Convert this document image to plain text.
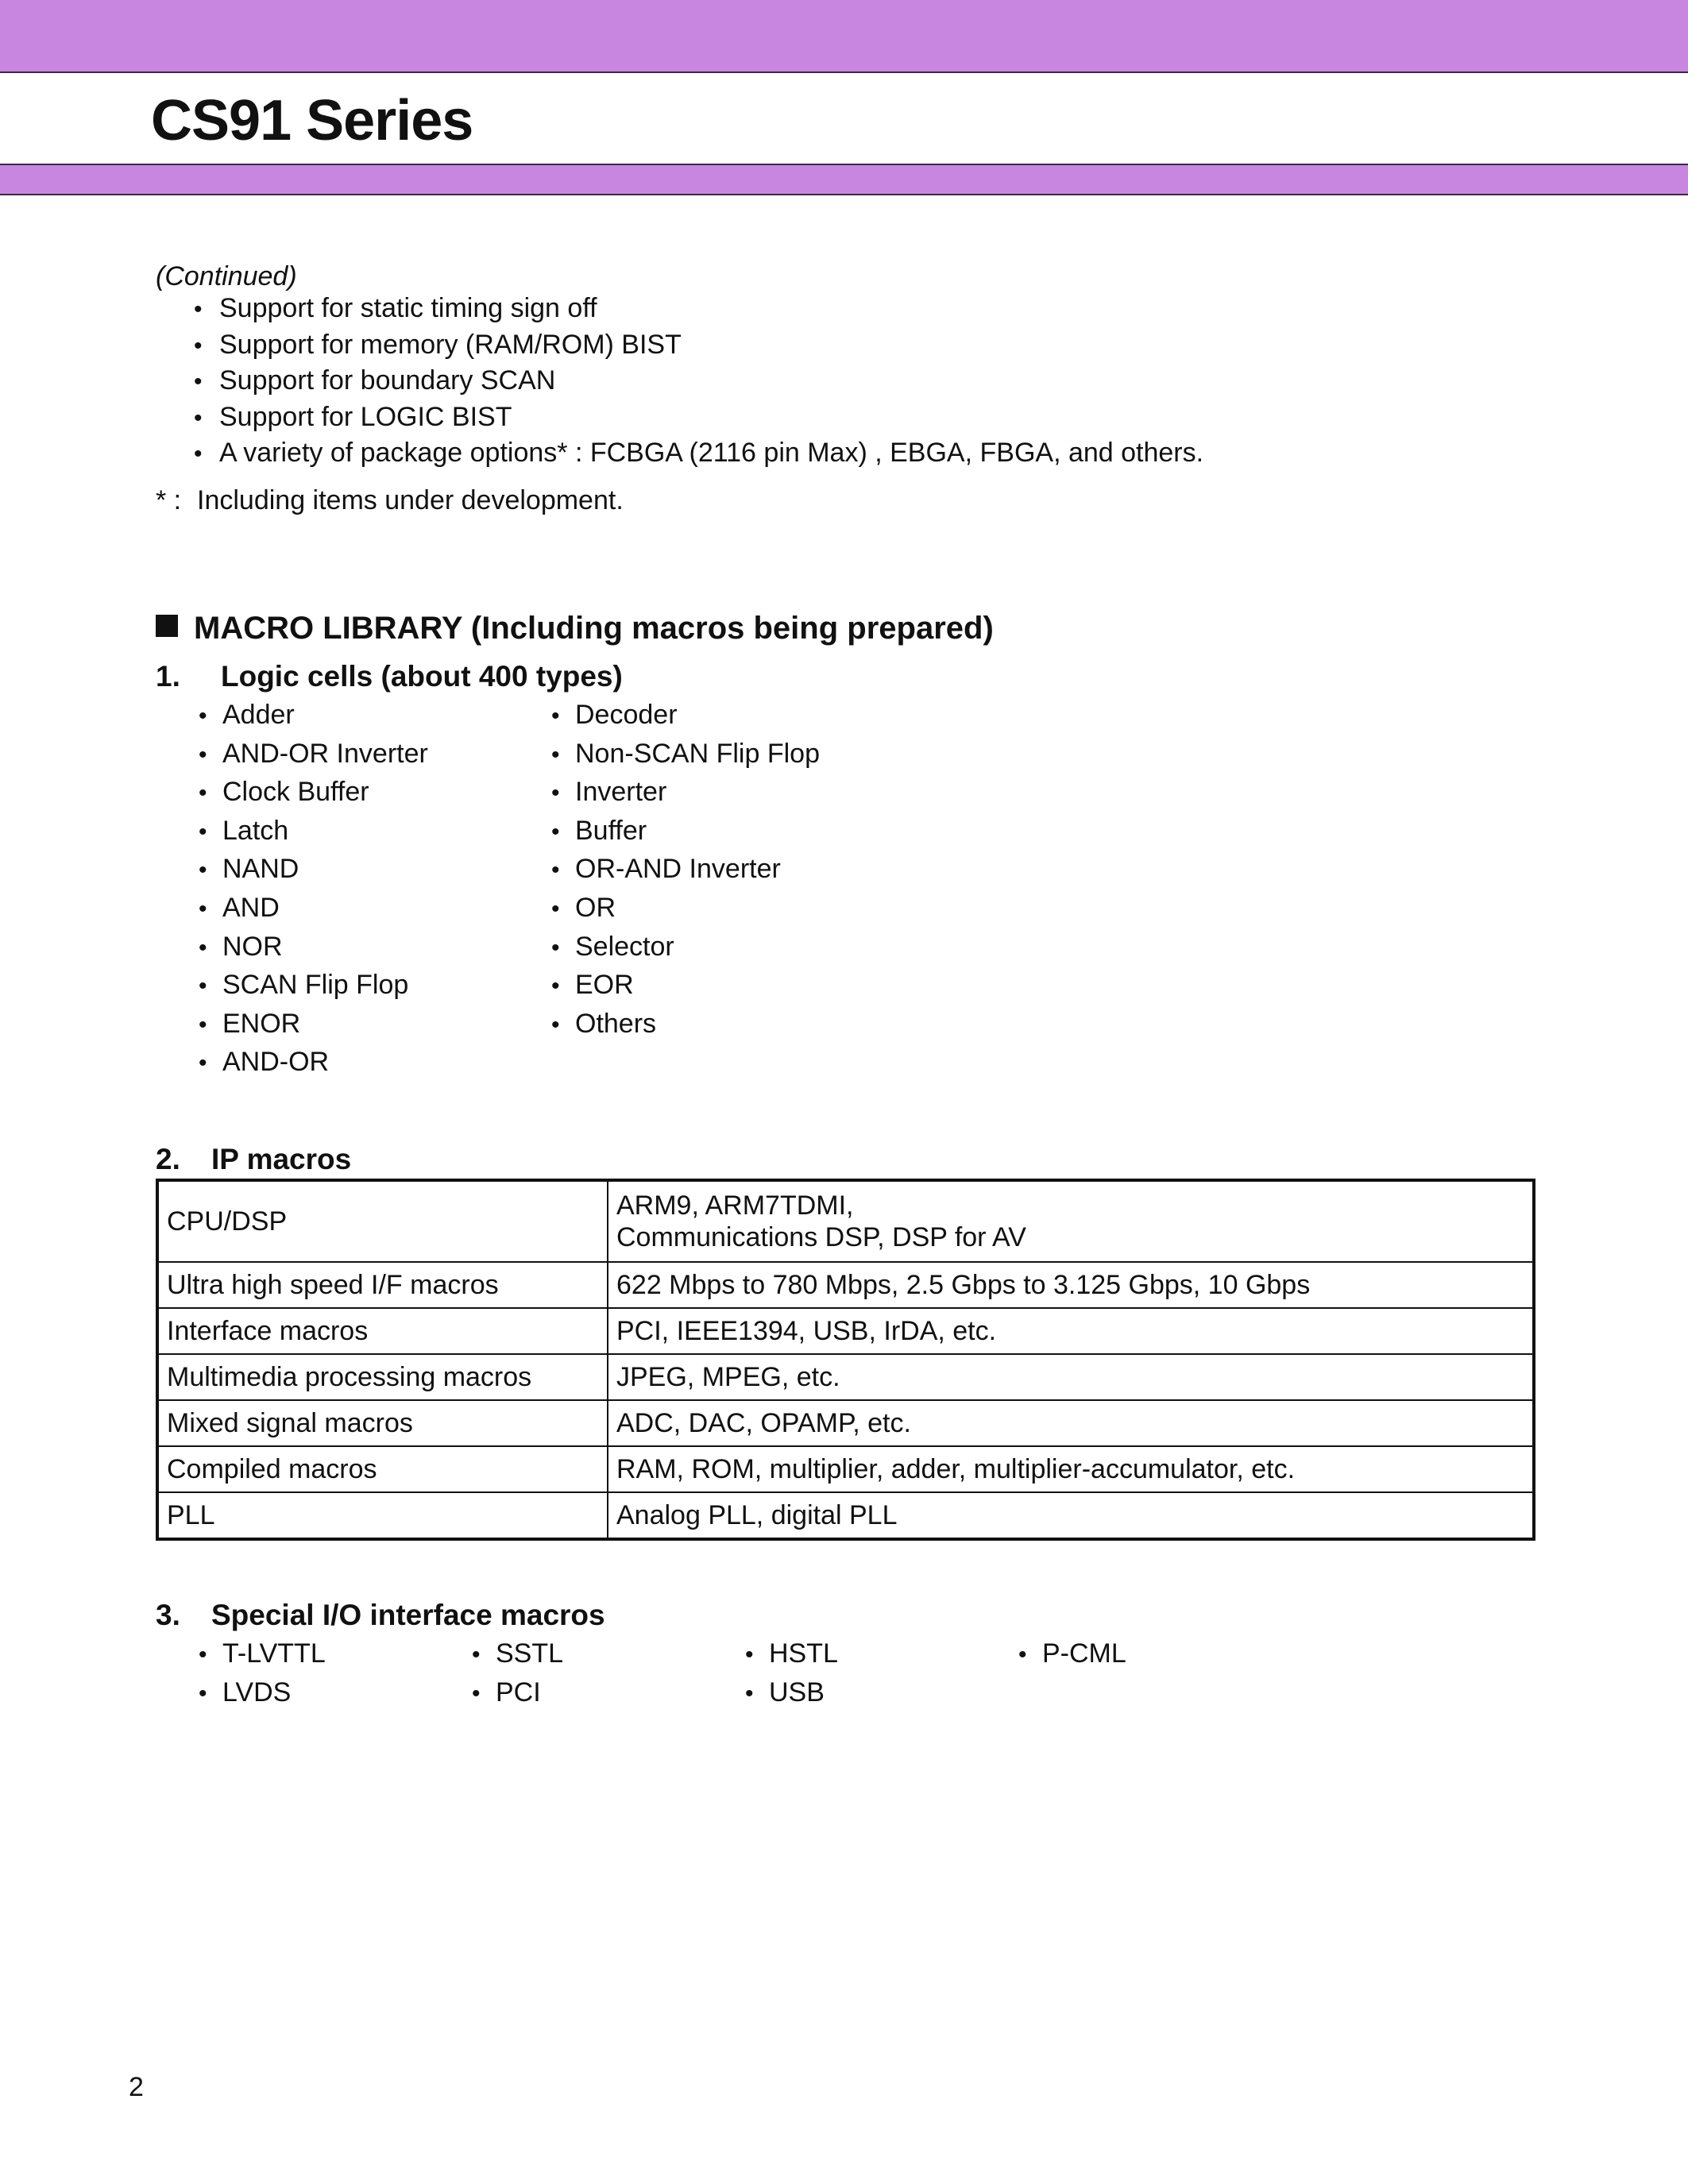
CS91 Series
(Continued)
• Support for static timing sign off
• Support for memory (RAM/ROM) BIST
• Support for boundary SCAN
• Support for LOGIC BIST
• A variety of package options* : FCBGA (2116 pin Max) , EBGA, FBGA, and others.
* : Including items under development.
MACRO LIBRARY (Including macros being prepared)
1. Logic cells (about 400 types)
• Adder	• Decoder
• AND-OR Inverter	• Non-SCAN Flip Flop
• Clock Buffer	• Inverter
• Latch	• Buffer
• NAND	• OR-AND Inverter
• AND	• OR
• NOR	• Selector
• SCAN Flip Flop	• EOR
• ENOR	• Others
• AND-OR
2. IP macros
CPU/DSP	ARM9, ARM7TDMI,
Communications DSP, DSP for AV

Ultra high speed I/F macros	622 Mbps to 780 Mbps, 2.5 Gbps to 3.125 Gbps, 10 Gbps
Interface macros	PCI, IEEE1394, USB, IrDA, etc.
Multimedia processing macros	JPEG, MPEG, etc.
Mixed signal macros	ADC, DAC, OPAMP, etc.
Compiled macros	RAM, ROM, multiplier, adder, multiplier-accumulator, etc.
PLL	Analog PLL, digital PLL
3. Special I/O interface macros
• T-LVTTL	• SSTL	• HSTL	• P-CML
• LVDS	• PCI	• USB
2
